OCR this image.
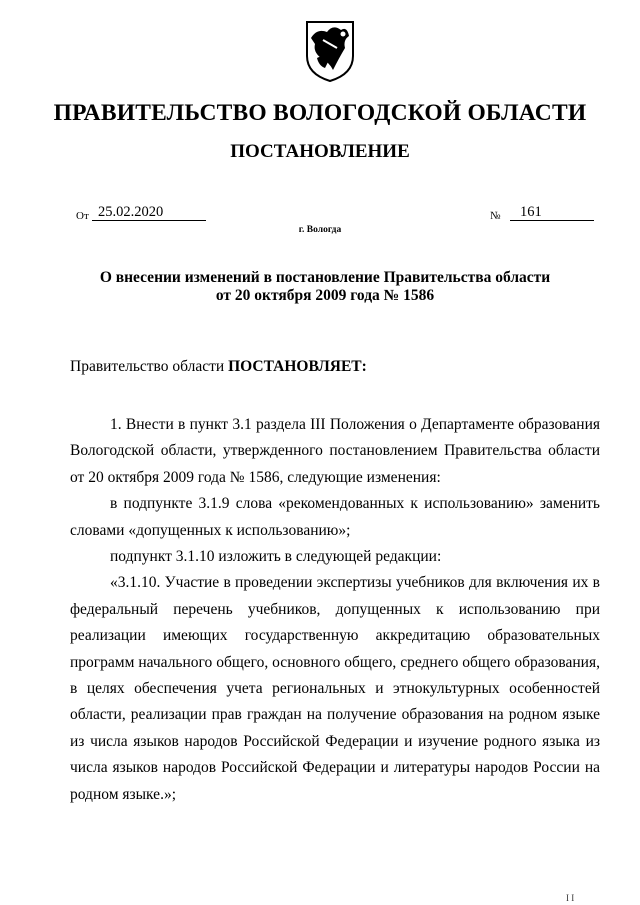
ПРАВИТЕЛЬСТВО ВОЛОГОДСКОЙ ОБЛАСТИ
ПОСТАНОВЛЕНИЕ
От 25.02.2020	№	161
г. Вологда
О внесении изменений в постановление Правительства области
от 20 октября 2009 года № 1586
Правительство области ПОСТАНОВЛЯЕТ:

1. Внести в пункт 3.1 раздела III Положения о Департаменте образования Вологодской области, утвержденного постановлением Правительства области от 20 октября 2009 года № 1586, следующие изменения:

в подпункте 3.1.9 слова «рекомендованных к использованию» заменить словами «допущенных к использованию»;

подпункт 3.1.10 изложить в следующей редакции:

«3.1.10. Участие в проведении экспертизы учебников для включения их в федеральный перечень учебников, допущенных к использованию при реализации имеющих государственную аккредитацию образовательных программ начального общего, основного общего, среднего общего образования, в целях обеспечения учета региональных и этнокультурных особенностей области, реализации прав граждан на получение образования на родном языке из числа языков народов Российской Федерации и изучение родного языка из числа языков народов Российской Федерации и литературы народов России на родном языке.»;

I I
